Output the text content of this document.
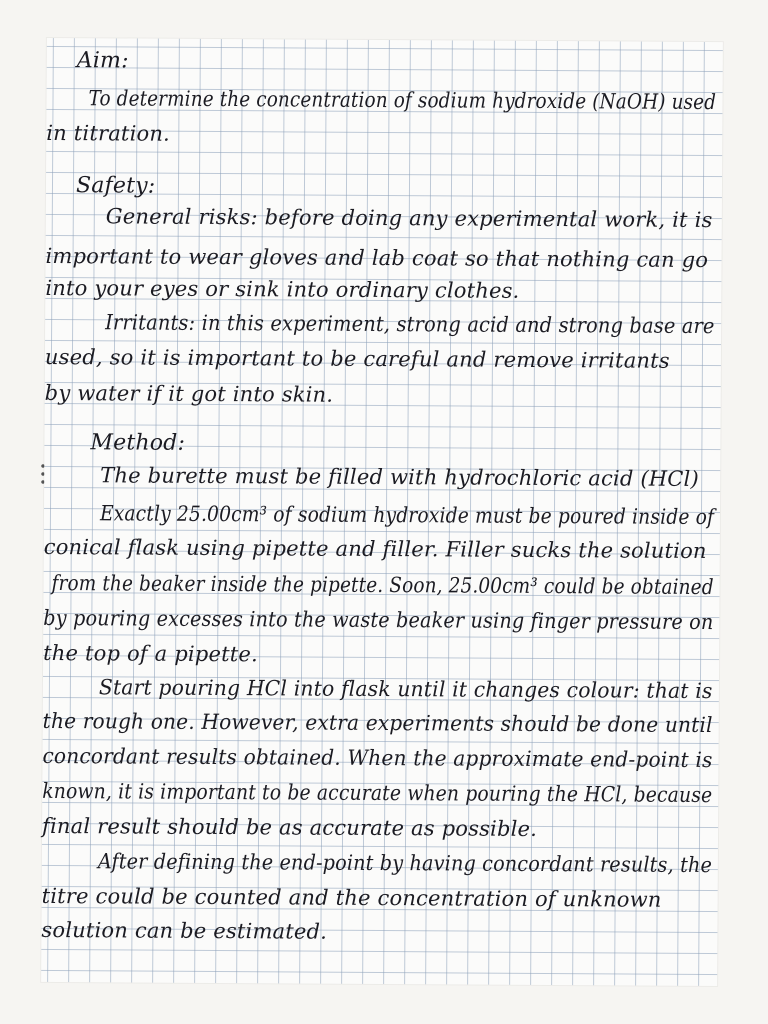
Aim:

To determine the concentration of sodium hydroxide (NaOH) used

in titration.

Safety:

General risks: before doing any experimental work, it is

important to wear gloves and lab coat so that nothing can go

into your eyes or sink into ordinary clothes.

Irritants: in this experiment, strong acid and strong base are

used, so it is important to be careful and remove irritants

by water if it got into skin.

Method:

The burette must be filled with hydrochloric acid (HCl)

Exactly 25.00cm³ of sodium hydroxide must be poured inside of

conical flask using pipette and filler. Filler sucks the solution

from the beaker inside the pipette. Soon, 25.00cm³ could be obtained

by pouring excesses into the waste beaker using finger pressure on

the top of a pipette.

Start pouring HCl into flask until it changes colour: that is

the rough one. However, extra experiments should be done until

concordant results obtained. When the approximate end-point is

known, it is important to be accurate when pouring the HCl, because

final result should be as accurate as possible.

After defining the end-point by having concordant results, the

titre could be counted and the concentration of unknown

solution can be estimated.
